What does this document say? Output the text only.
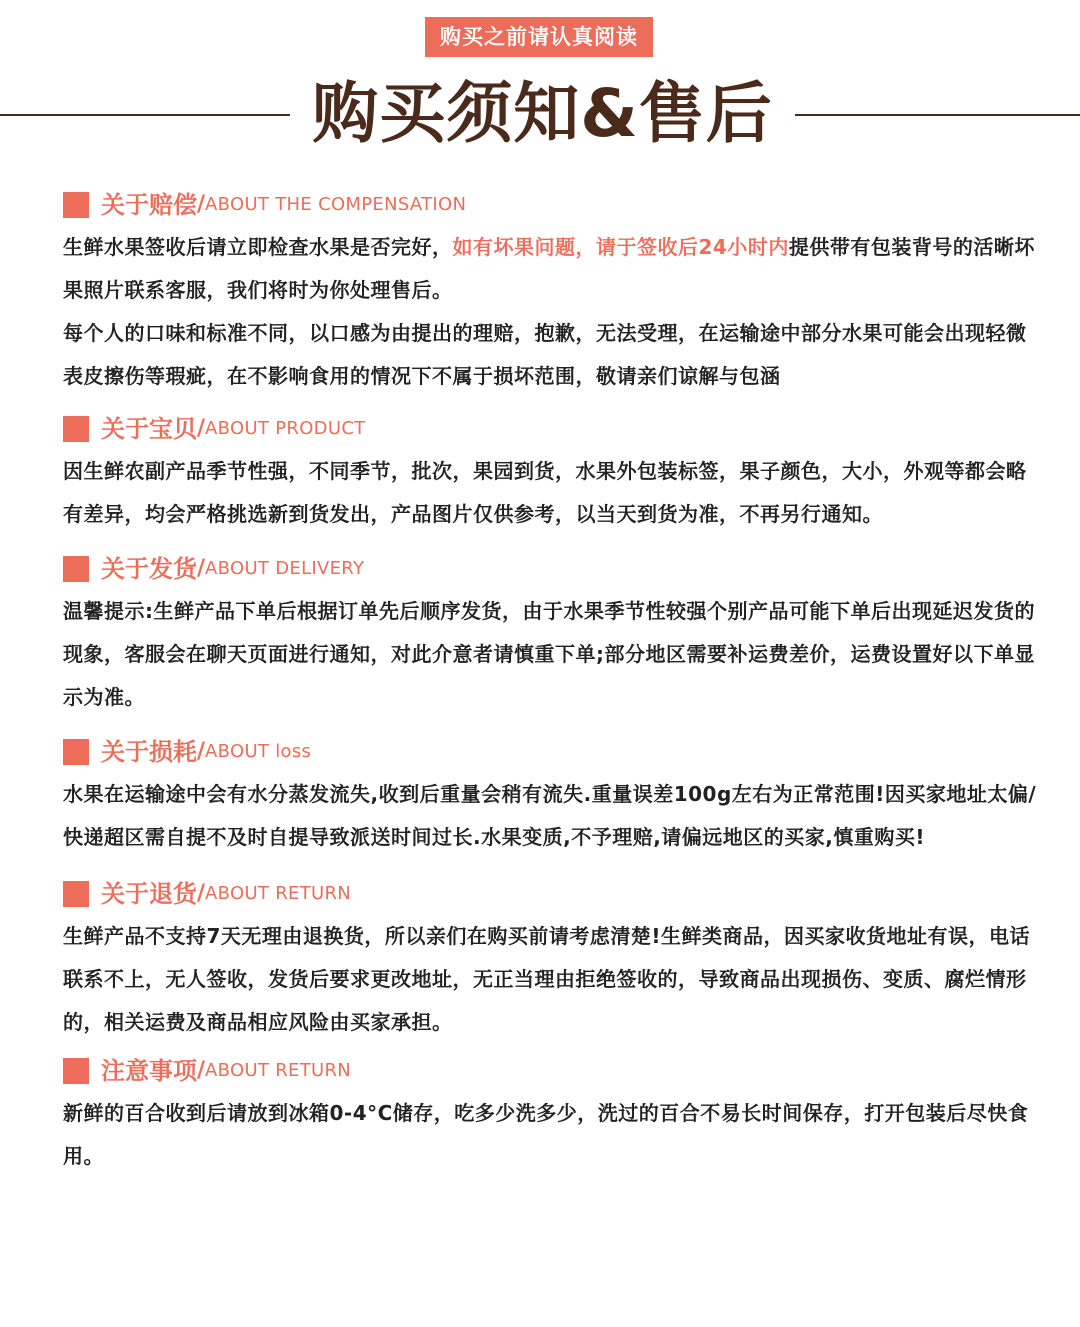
购买之前请认真阅读
购买须知&售后
关于赔偿 / ABOUT THE COMPENSATION

生鲜水果签收后请立即检查水果是否完好，如有坏果问题，请于签收后24小时内提供带有包装背号的活晰坏果照片联系客服，我们将时为你处理售后。

每个人的口味和标准不同，以口感为由提出的理赔，抱歉，无法受理，在运输途中部分水果可能会出现轻微表皮擦伤等瑕疵，在不影响食用的情况下不属于损坏范围，敬请亲们谅解与包涵

关于宝贝 / ABOUT PRODUCT

因生鲜农副产品季节性强，不同季节，批次，果园到货，水果外包装标签，果子颜色，大小，外观等都会略有差异，均会严格挑选新到货发出，产品图片仅供参考，以当天到货为准，不再另行通知。

关于发货 / ABOUT DELIVERY

温馨提示:生鲜产品下单后根据订单先后顺序发货，由于水果季节性较强个别产品可能下单后出现延迟发货的现象，客服会在聊天页面进行通知，对此介意者请慎重下单;部分地区需要补运费差价，运费设置好以下单显示为准。

关于损耗 / ABOUT loss

水果在运输途中会有水分蒸发流失,收到后重量会稍有流失.重量误差100g左右为正常范围!因买家地址太偏/快递超区需自提不及时自提导致派送时间过长.水果变质,不予理赔,请偏远地区的买家,慎重购买!

关于退货 / ABOUT RETURN

生鲜产品不支持7天无理由退换货，所以亲们在购买前请考虑清楚!生鲜类商品，因买家收货地址有误，电话联系不上，无人签收，发货后要求更改地址，无正当理由拒绝签收的，导致商品出现损伤、变质、腐烂情形的，相关运费及商品相应风险由买家承担。

注意事项 / ABOUT RETURN

新鲜的百合收到后请放到冰箱0-4°C储存，吃多少洗多少，洗过的百合不易长时间保存，打开包装后尽快食用。
